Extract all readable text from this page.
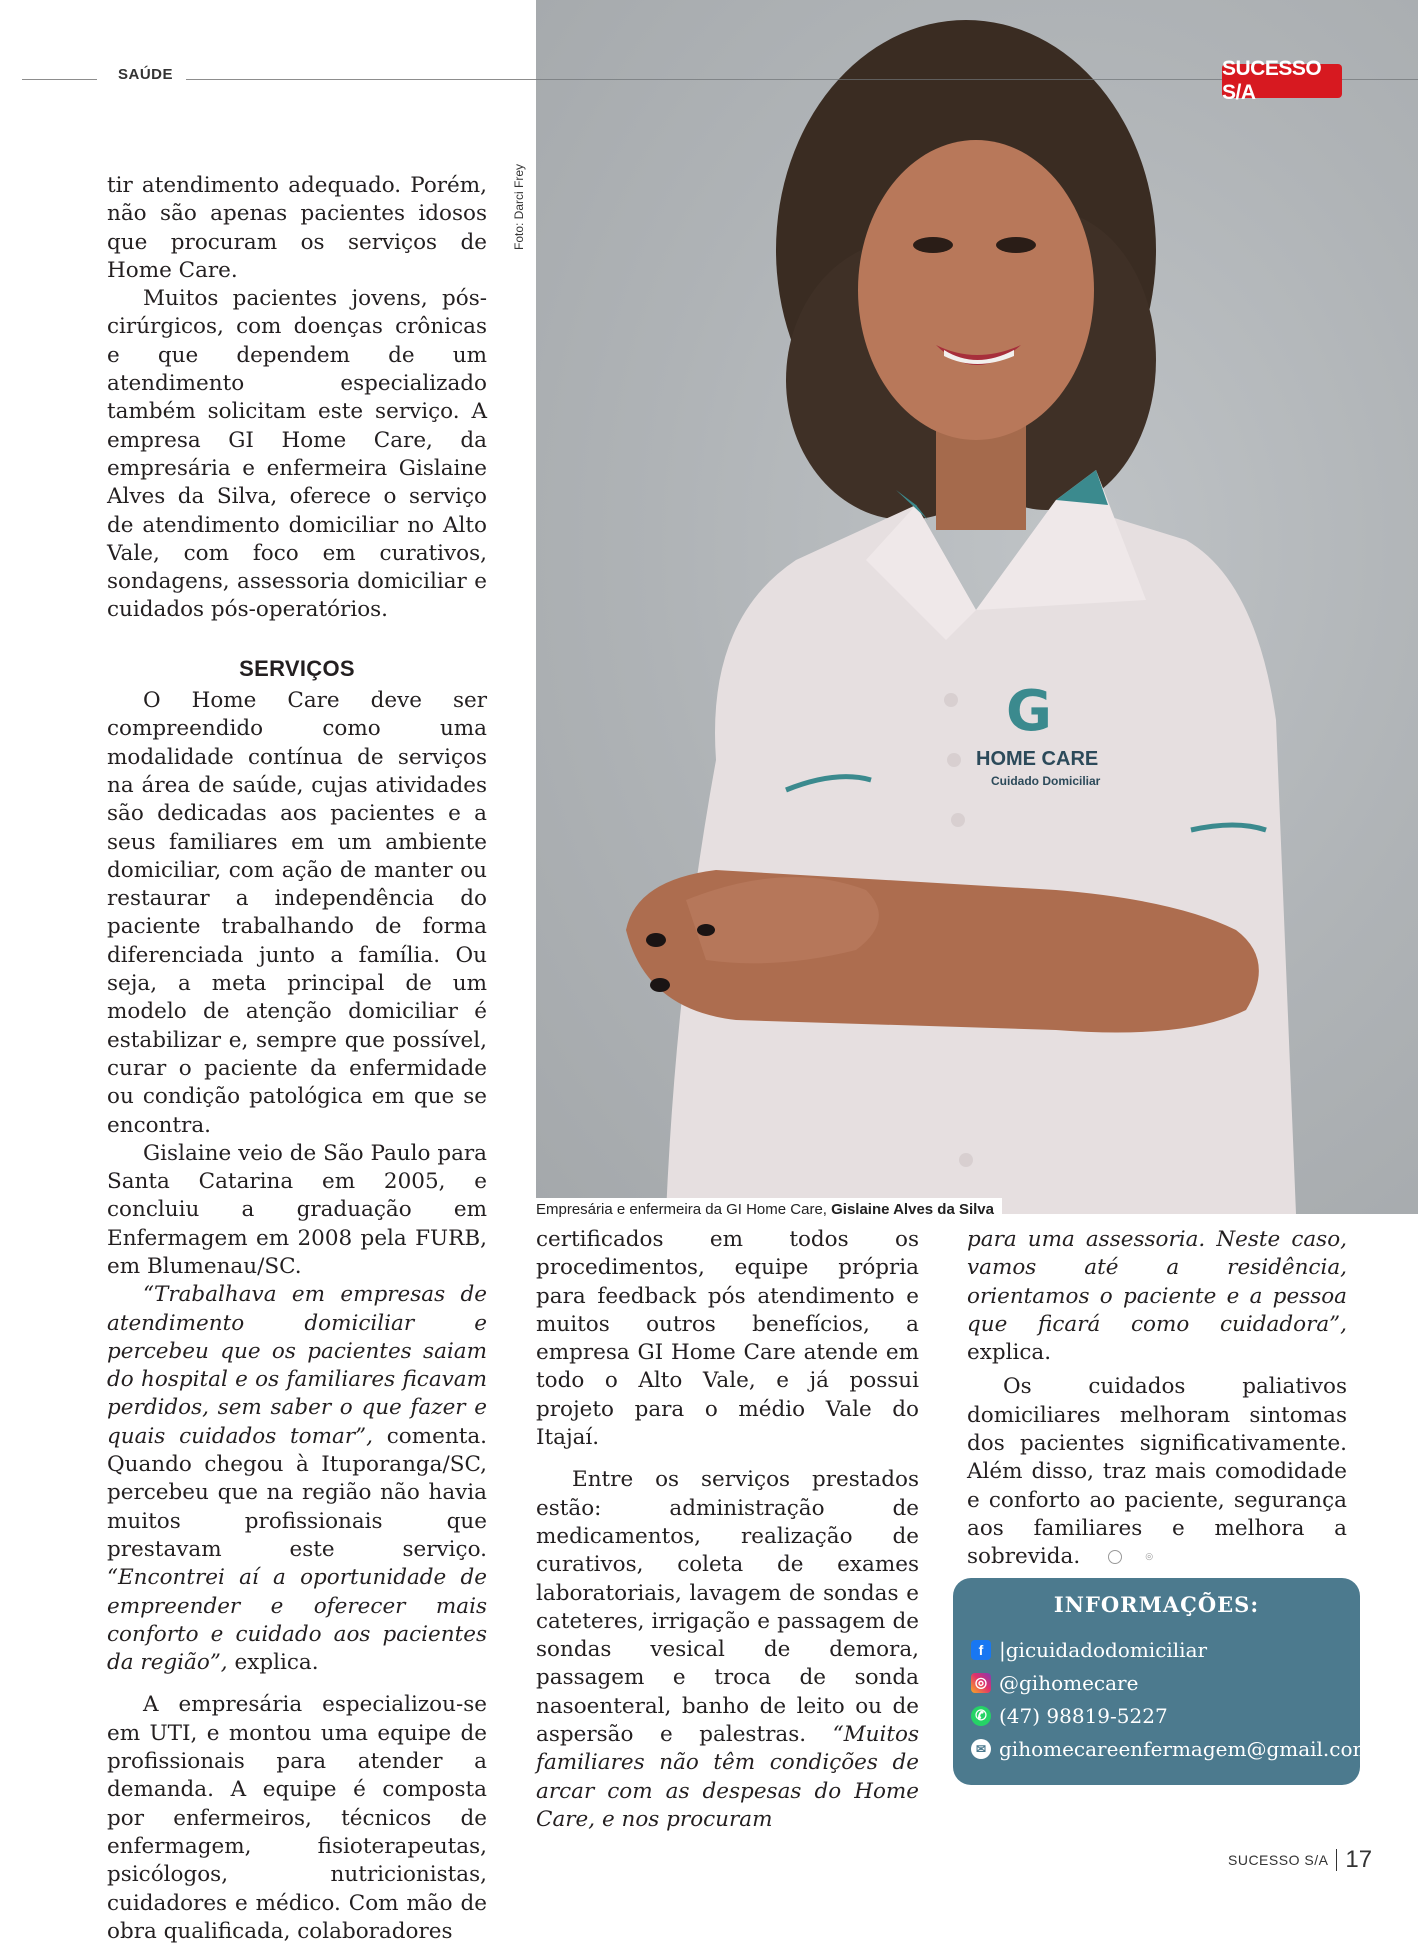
SAÚDE
G
HOME CARE
Cuidado Domiciliar
SUCESSO S/A
Foto: Darci Frey
Empresária e enfermeira da GI Home Care, Gislaine Alves da Silva

tir atendimento adequado. Porém, não são apenas pacientes idosos que procuram os serviços de Home Care.

Muitos pacientes jovens, pós-cirúrgicos, com doenças crônicas e que dependem de um atendimento especializado também solicitam este serviço. A empresa GI Home Care, da empresária e enfermeira Gislaine Alves da Silva, oferece o serviço de atendimento domiciliar no Alto Vale, com foco em curativos, sondagens, assessoria domiciliar e cuidados pós-operatórios.

SERVIÇOS

O Home Care deve ser compreendido como uma modalidade contínua de serviços na área de saúde, cujas atividades são dedicadas aos pacientes e a seus familiares em um ambiente domiciliar, com ação de manter ou restaurar a independência do paciente trabalhando de forma diferenciada junto a família. Ou seja, a meta principal de um modelo de atenção domiciliar é estabilizar e, sempre que possível, curar o paciente da enfermidade ou condição patológica em que se encontra.

Gislaine veio de São Paulo para Santa Catarina em 2005, e concluiu a graduação em Enfermagem em 2008 pela FURB, em Blumenau/SC.

“Trabalhava em empresas de atendimento domiciliar e percebeu que os pacientes saiam do hospital e os familiares ficavam perdidos, sem saber o que fazer e quais cuidados tomar”, comenta. Quando chegou à Ituporanga/SC, percebeu que na região não havia muitos profissionais que prestavam este serviço. “Encontrei aí a oportunidade de empreender e oferecer mais conforto e cuidado aos pacientes da região”, explica.

A empresária especializou-se em UTI, e montou uma equipe de profissionais para atender a demanda. A equipe é composta por enfermeiros, técnicos de enfermagem, fisioterapeutas, psicólogos, nutricionistas, cuidadores e médico. Com mão de obra qualificada, colaboradores

certificados em todos os procedimentos, equipe própria para feedback pós atendimento e muitos outros benefícios, a empresa GI Home Care atende em todo o Alto Vale, e já possui projeto para o médio Vale do Itajaí.

Entre os serviços prestados estão: administração de medicamentos, realização de curativos, coleta de exames laboratoriais, lavagem de sondas e cateteres, irrigação e passagem de sondas vesical de demora, passagem e troca de sonda nasoenteral, banho de leito ou de aspersão e palestras. “Muitos familiares não têm condições de arcar com as despesas do Home Care, e nos procuram

para uma assessoria. Neste caso, vamos até a residência, orientamos o paciente e a pessoa que ficará como cuidadora”, explica.

Os cuidados paliativos domiciliares melhoram sintomas dos pacientes significativamente. Além disso, traz mais comodidade e conforto ao paciente, segurança aos familiares e melhora a sobrevida.	◎

INFORMAÇÕES:
f |gicuidadodomiciliar
◎ @gihomecare
✆ (47) 98819-5227
✉ gihomecareenfermagem@gmail.com
SUCESSO S/A 17
